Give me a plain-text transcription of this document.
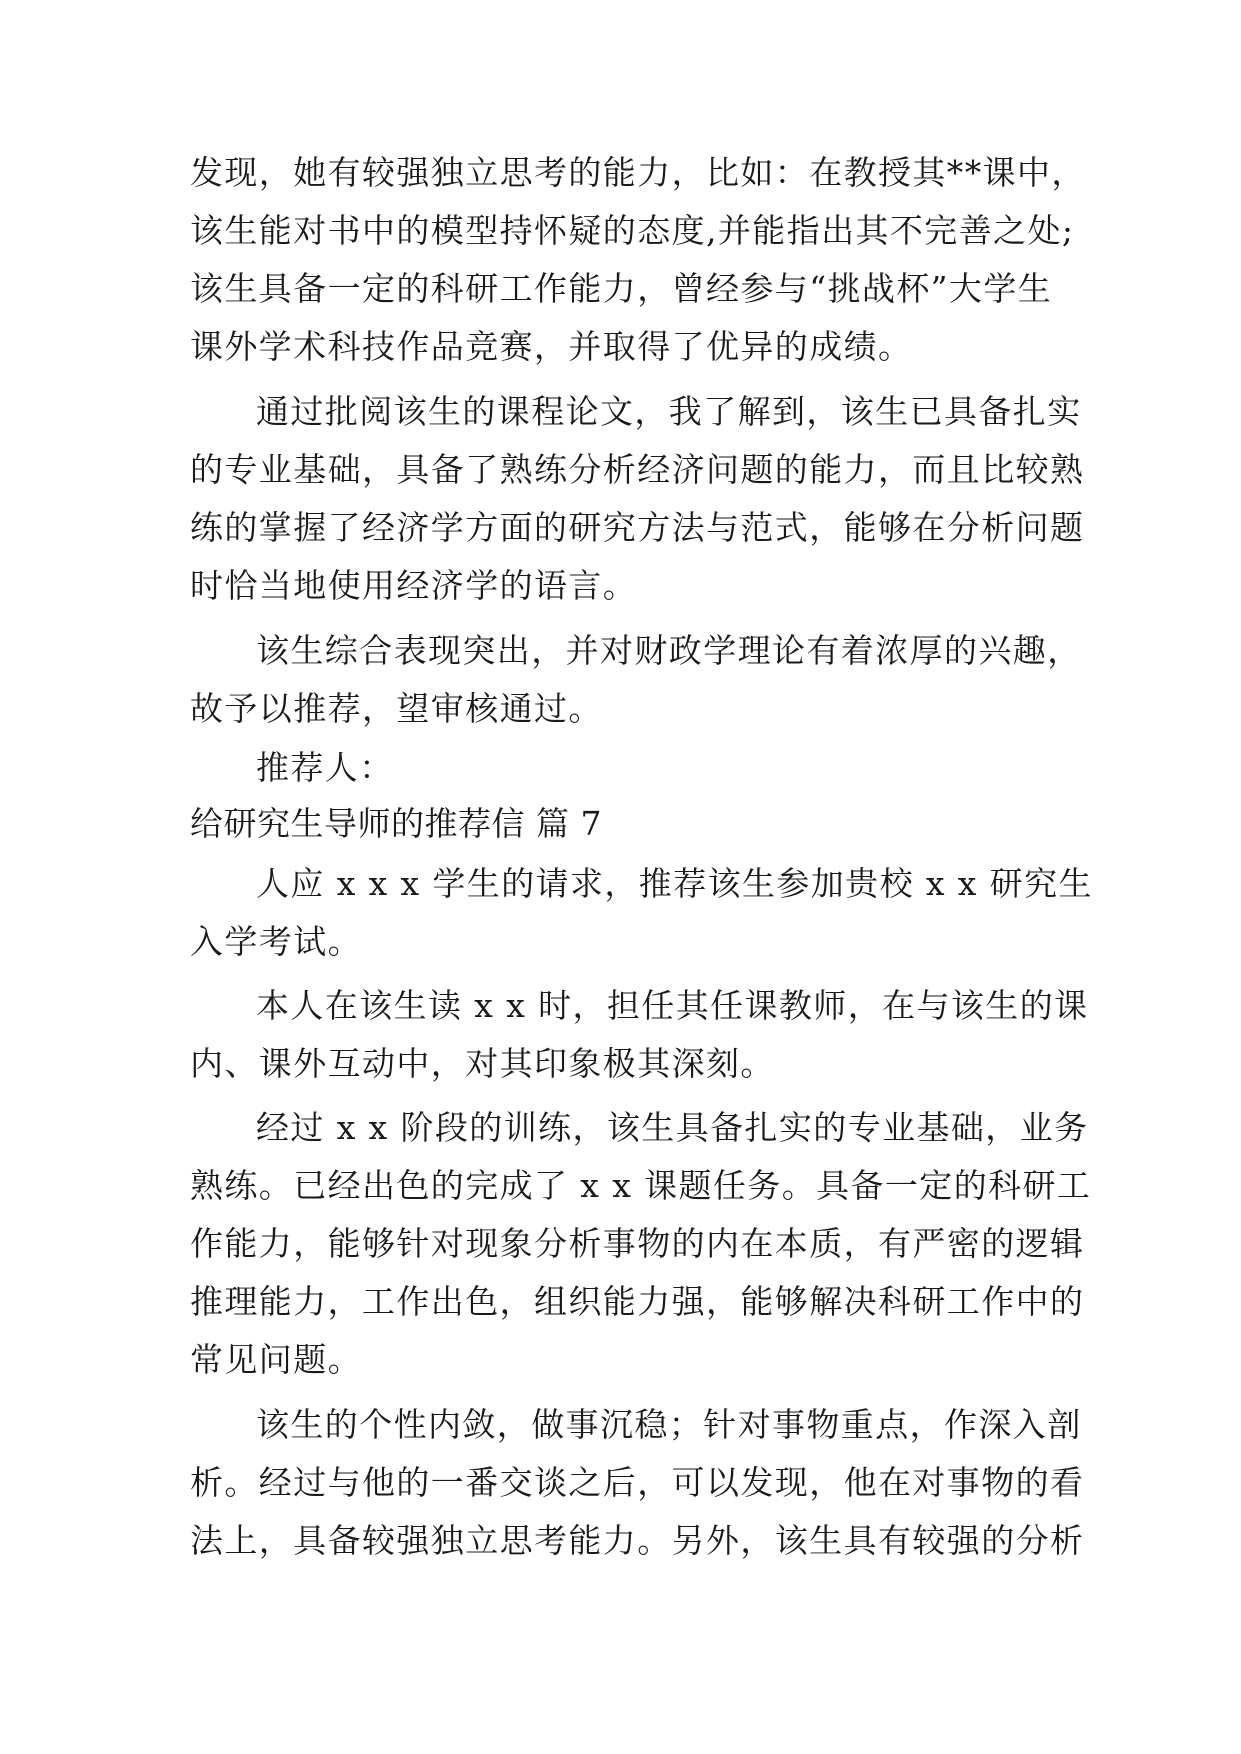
发现，她有较强独立思考的能力，比如：在教授其**课中，
该生能对书中的模型持怀疑的态度,并能指出其不完善之处;
该生具备一定的科研工作能力，曾经参与“挑战杯”大学生
课外学术科技作品竞赛，并取得了优异的成绩。
通过批阅该生的课程论文，我了解到，该生已具备扎实
的专业基础，具备了熟练分析经济问题的能力，而且比较熟
练的掌握了经济学方面的研究方法与范式，能够在分析问题
时恰当地使用经济学的语言。
该生综合表现突出，并对财政学理论有着浓厚的兴趣，
故予以推荐，望审核通过。
推荐人：
给研究生导师的推荐信 篇 7
人应 x x x 学生的请求，推荐该生参加贵校 x x 研究生
入学考试。
本人在该生读 x x 时，担任其任课教师，在与该生的课
内、课外互动中，对其印象极其深刻。
经过 x x 阶段的训练，该生具备扎实的专业基础，业务
熟练。已经出色的完成了 x x 课题任务。具备一定的科研工
作能力，能够针对现象分析事物的内在本质，有严密的逻辑
推理能力，工作出色，组织能力强，能够解决科研工作中的
常见问题。
该生的个性内敛，做事沉稳；针对事物重点，作深入剖
析。经过与他的一番交谈之后，可以发现，他在对事物的看
法上，具备较强独立思考能力。另外，该生具有较强的分析
